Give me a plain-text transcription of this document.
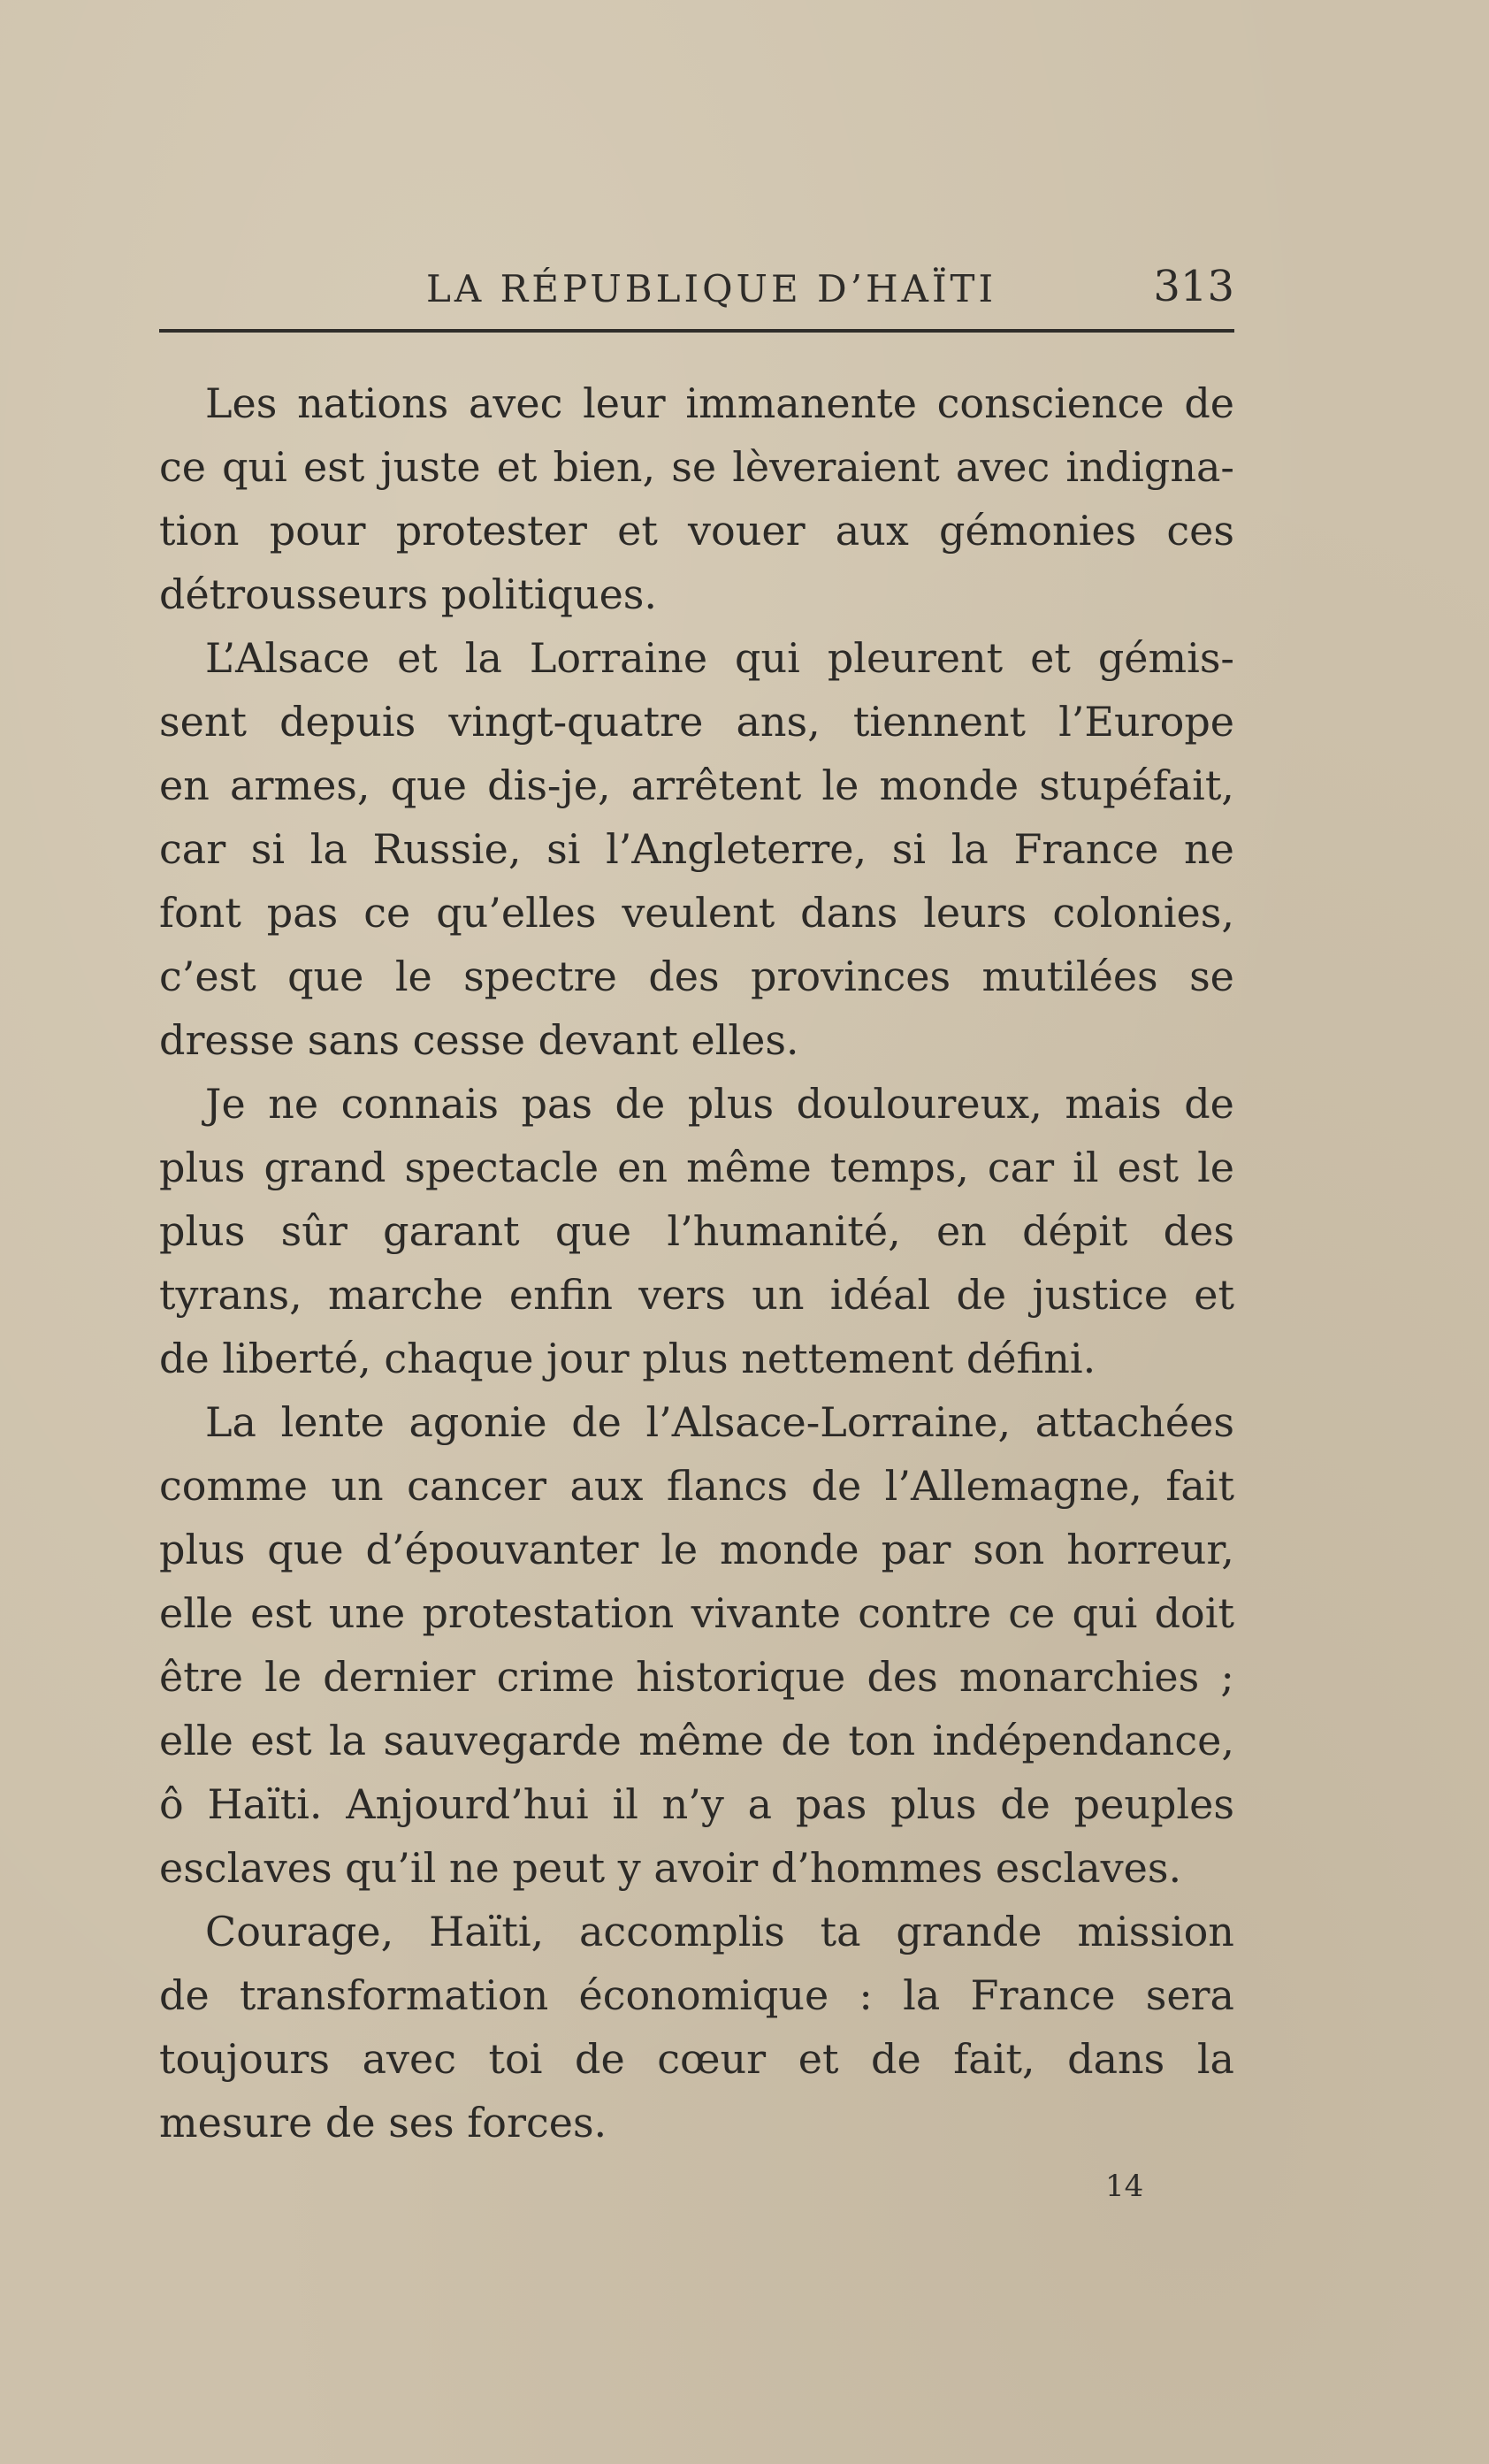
LA RÉPUBLIQUE D’HAÏTI	313
Les nations avec leur immanente conscience de
ce qui est juste et bien, se lèveraient avec indigna-
tion pour protester et vouer aux gémonies ces
détrousseurs politiques.
L’Alsace et la Lorraine qui pleurent et gémis-
sent depuis vingt-quatre ans, tiennent l’Europe
en armes, que dis-je, arrêtent le monde stupéfait,
car si la Russie, si l’Angleterre, si la France ne
font pas ce qu’elles veulent dans leurs colonies,
c’est que le spectre des provinces mutilées se
dresse sans cesse devant elles.
Je ne connais pas de plus douloureux, mais de
plus grand spectacle en même temps, car il est le
plus sûr garant que l’humanité, en dépit des
tyrans, marche enfin vers un idéal de justice et
de liberté, chaque jour plus nettement défini.
La lente agonie de l’Alsace-Lorraine, attachées
comme un cancer aux flancs de l’Allemagne, fait
plus que d’épouvanter le monde par son horreur,
elle est une protestation vivante contre ce qui doit
être le dernier crime historique des monarchies ;
elle est la sauvegarde même de ton indépendance,
ô Haïti. Anjourd’hui il n’y a pas plus de peuples
esclaves qu’il ne peut y avoir d’hommes esclaves.
Courage, Haïti, accomplis ta grande mission
de transformation économique : la France sera
toujours avec toi de cœur et de fait, dans la
mesure de ses forces.
14
